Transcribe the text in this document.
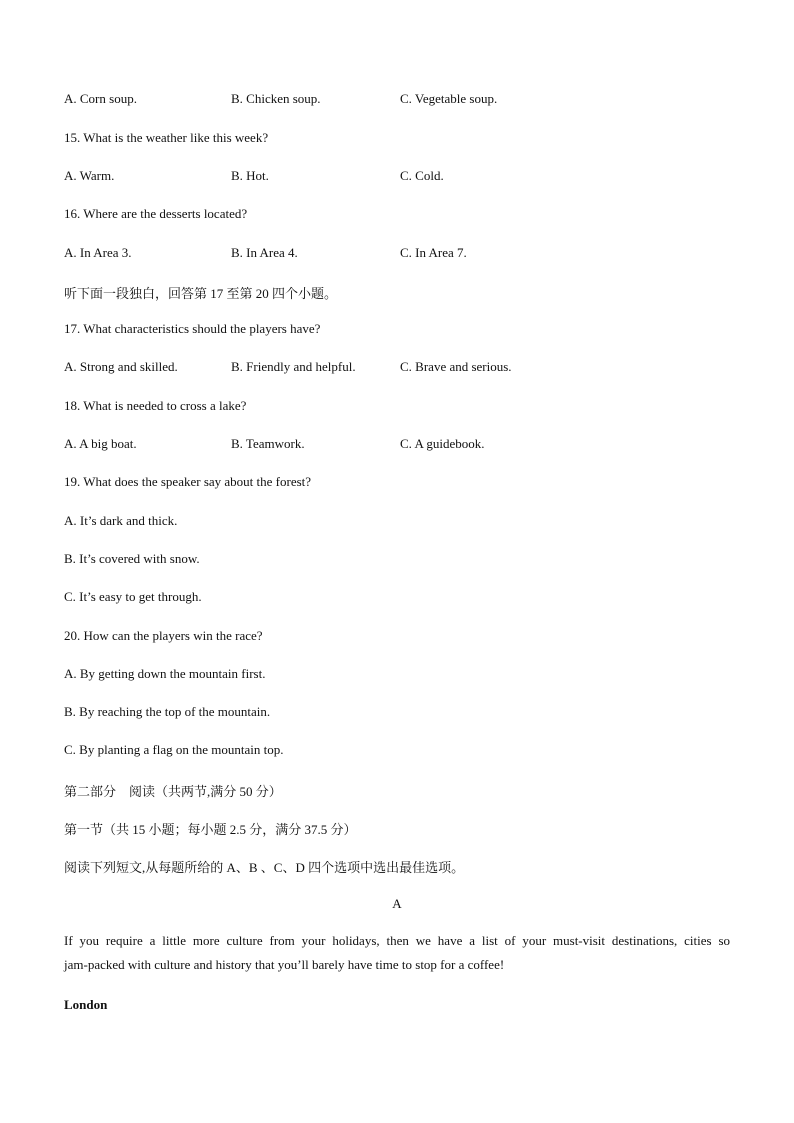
A. Corn soup.	B. Chicken soup.	C. Vegetable soup.
15. What is the weather like this week?
A. Warm.	B. Hot.	C. Cold.
16. Where are the desserts located?
A. In Area 3.	B. In Area 4.	C. In Area 7.
听下面一段独白，回答第 17 至第 20 四个小题。
17. What characteristics should the players have?
A. Strong and skilled.	B. Friendly and helpful.	C. Brave and serious.
18. What is needed to cross a lake?
A. A big boat.	B. Teamwork.	C. A guidebook.
19. What does the speaker say about the forest?
A. It’s dark and thick.
B. It’s covered with snow.
C. It’s easy to get through.
20. How can the players win the race?
A. By getting down the mountain first.
B. By reaching the top of the mountain.
C. By planting a flag on the mountain top.
第二部分　阅读（共两节,满分 50 分）
第一节（共 15 小题；每小题 2.5 分，满分 37.5 分）
阅读下列短文,从每题所给的 A、B 、C、D 四个选项中选出最佳选项。
A
If you require a little more culture from your holidays, then we have a list of your must-visit destinations, cities so
jam-packed with culture and history that you’ll barely have time to stop for a coffee!
London
